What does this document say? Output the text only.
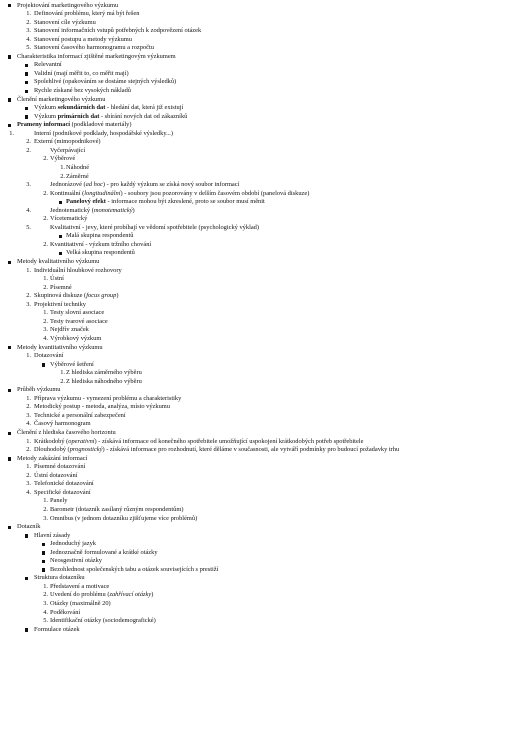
Projektování marketingového výzkumu
1. Definování problému, který má být řešen
2. Stanovení cíle výzkumu
3. Stanovení informačních vstupů potřebných k zodpovězení otázek
4. Stanovení postupu a metody výzkumu
5. Stanovení časového harmonogramu a rozpočtu
Charakteristika informací zjištěné marketingovým výzkumem
Relevantní
Validní (mají měřit to, co měřit mají)
Spolehlivé (opakováním se dostáme stejných výsledků)
Rychle získané bez vysokých nákladů
Členění marketingového výzkumu
Výzkum sekundárních dat - hledání dat, která již existují
Výzkum primárních dat - sbírání nových dat od zákazníků
Prameny informací (podkladové materiály)
1.	Interní (podnikové podklady, hospodářské výsledky...)
2. Externí (mimopodnikové)
2.	Vyčerpávající
2. Výběrové
1. Náhodné
2. Záměrné
3.	Jednorázové (ad hoc) - pro každý výzkum se získá nový soubor informací
2. Kontinuální (longitudinální) - soubory jsou pozorovány v delším časovém období (panelová diskuze)
Panelový efekt - informace mohou být zkreslené, proto se soubor musí měnit
4.	Jednotematický (monotematický)
2. Vícetematický
5.	Kvalitativní - jevy, které probíhají ve vědomí spotřebitele (psychologický výklad)
Malá skupina respondentů
2. Kvantitativní - výzkum tržního chování
Velká skupina respondentů
Metody kvalitativního výzkumu
1. Individuální hloubkové rozhovory
1. Ústní
2. Písemné
2. Skupinová diskuze (focus group)
3. Projektivní techniky
1. Testy slovní asociace
2. Testy tvarové asociace
3. Nejdřív značek
4. Výrobkový výzkum
Metody kvantitativního výzkumu
1. Dotazování
Výběrové šetření
1. Z hlediska záměrného výběru
2. Z hlediska náhodného výběru
Průběh výzkumu
1. Příprava výzkumu - vymezení problému a charakteristiky
2. Metodický postup - metoda, analýza, místo výzkumu
3. Technické a personální zabezpečení
4. Časový harmonogram
Členění z hlediska časového horizontu
1. Krátkodobý (operativní) - získává informace od konečného spotřebitele umožňující uspokojení krátkodobých potřeb spotřebitele
2. Dlouhodobý (prognostický) - získává informace pro rozhodnutí, které děláme v současnosti, ale vytváří podmínky pro budoucí požadavky trhu
Metody zakázání informací
1. Písemné dotazování
2. Ústní dotazování
3. Telefonické dotazování
4. Specifické dotazování
1. Panely
2. Barometr (dotazník zasílaný různým respondentům)
3. Omnibus (v jednom dotazníku zjišťujeme více problémů)
Dotazník
Hlavní zásady
Jednoduchý jazyk
Jednoznačně formulované a krátké otázky
Neosgestivní otázky
Bezohlednost společenských tabu a otázek souvisejících s prestiží
Struktura dotazníku
1. Představení a motivace
2. Uvedení do problému (zahřívací otázky)
3. Otázky (maximálně 20)
4. Poděkování
5. Identifikační otázky (sociodemografické)
Formulace otázek
